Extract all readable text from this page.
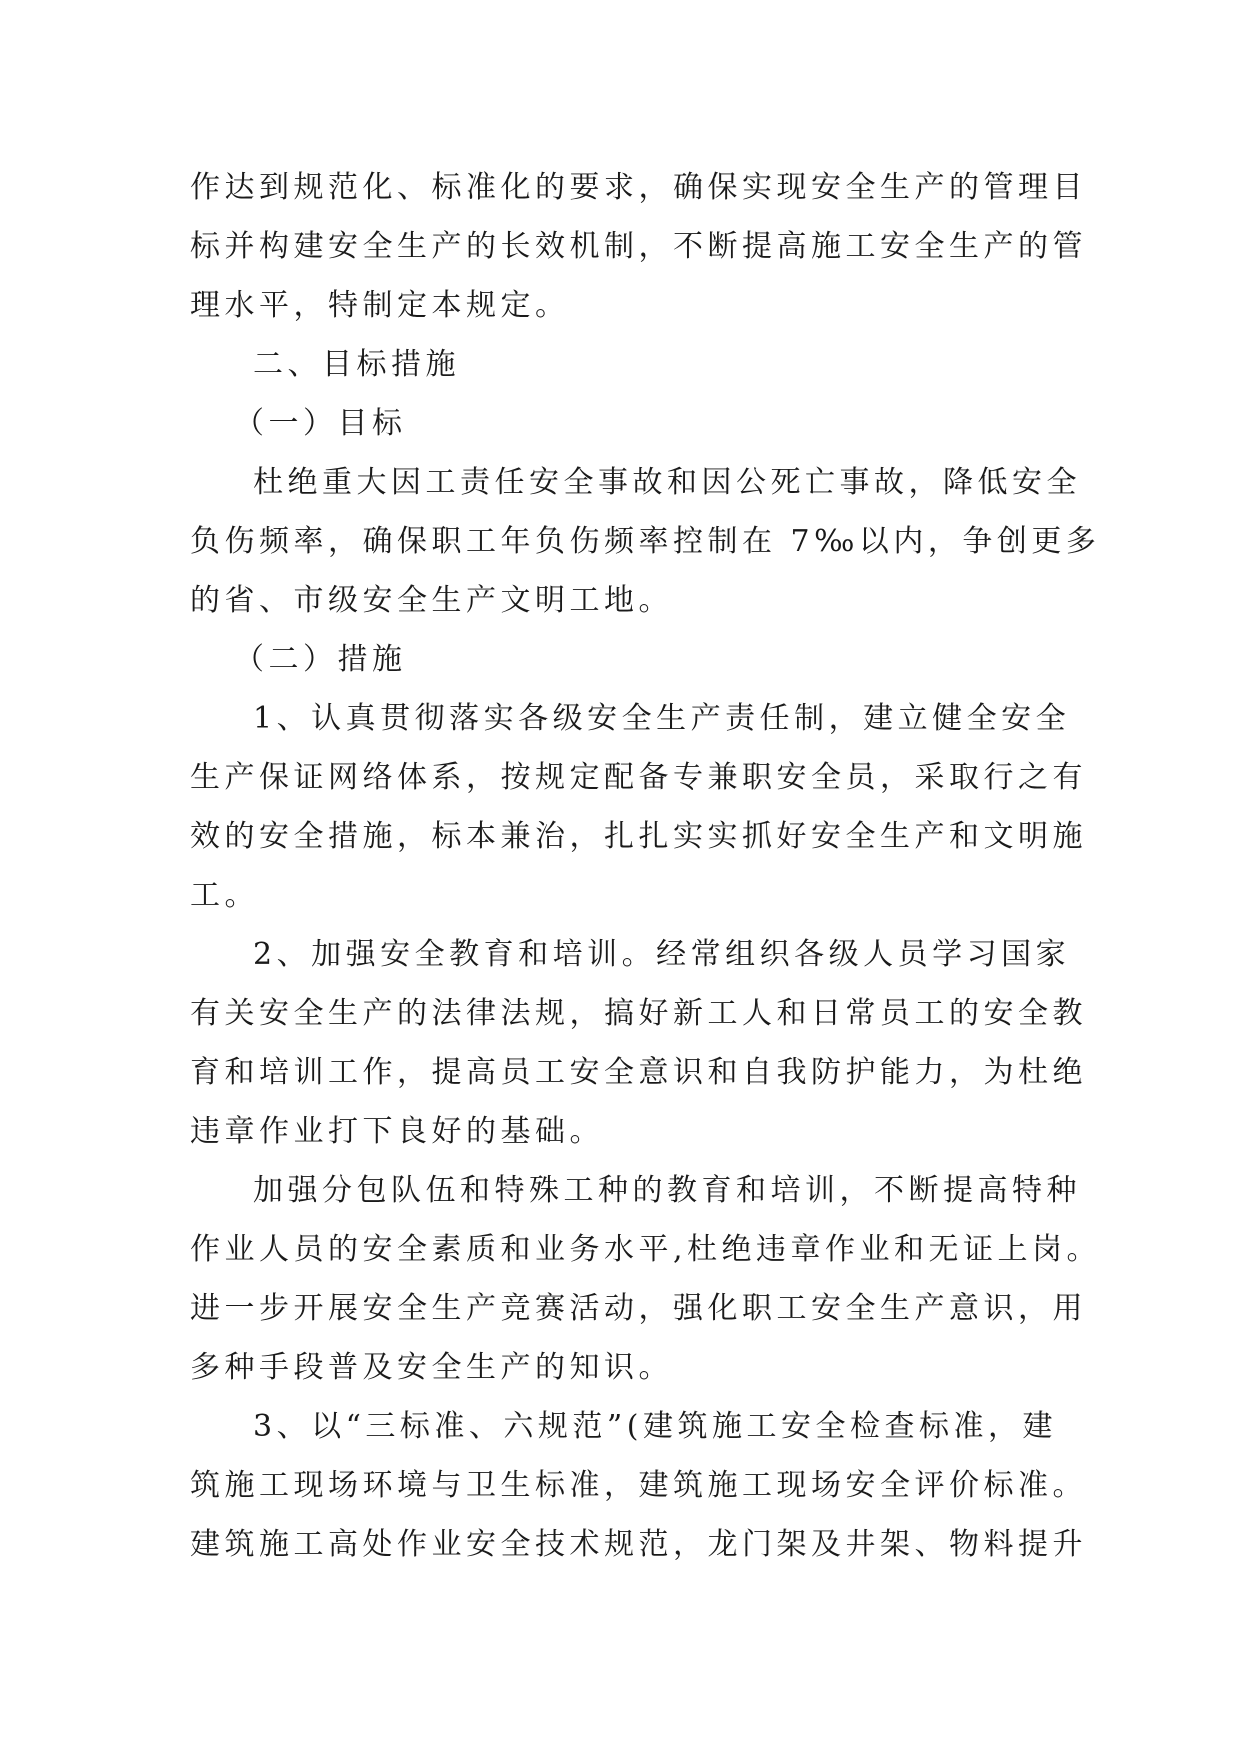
作达到规范化、标准化的要求，确保实现安全生产的管理目
标并构建安全生产的长效机制，不断提高施工安全生产的管
理水平，特制定本规定。
二、目标措施
（一）目标
杜绝重大因工责任安全事故和因公死亡事故，降低安全
负伤频率，确保职工年负伤频率控制在 7‰以内，争创更多
的省、市级安全生产文明工地。
（二）措施
1、认真贯彻落实各级安全生产责任制，建立健全安全
生产保证网络体系，按规定配备专兼职安全员，采取行之有
效的安全措施，标本兼治，扎扎实实抓好安全生产和文明施
工。
2、加强安全教育和培训。经常组织各级人员学习国家
有关安全生产的法律法规，搞好新工人和日常员工的安全教
育和培训工作，提高员工安全意识和自我防护能力，为杜绝
违章作业打下良好的基础。
加强分包队伍和特殊工种的教育和培训，不断提高特种
作业人员的安全素质和业务水平,杜绝违章作业和无证上岗。
进一步开展安全生产竞赛活动，强化职工安全生产意识，用
多种手段普及安全生产的知识。
3、以“三标准、六规范”(建筑施工安全检查标准，建
筑施工现场环境与卫生标准，建筑施工现场安全评价标准。
建筑施工高处作业安全技术规范，龙门架及井架、物料提升
